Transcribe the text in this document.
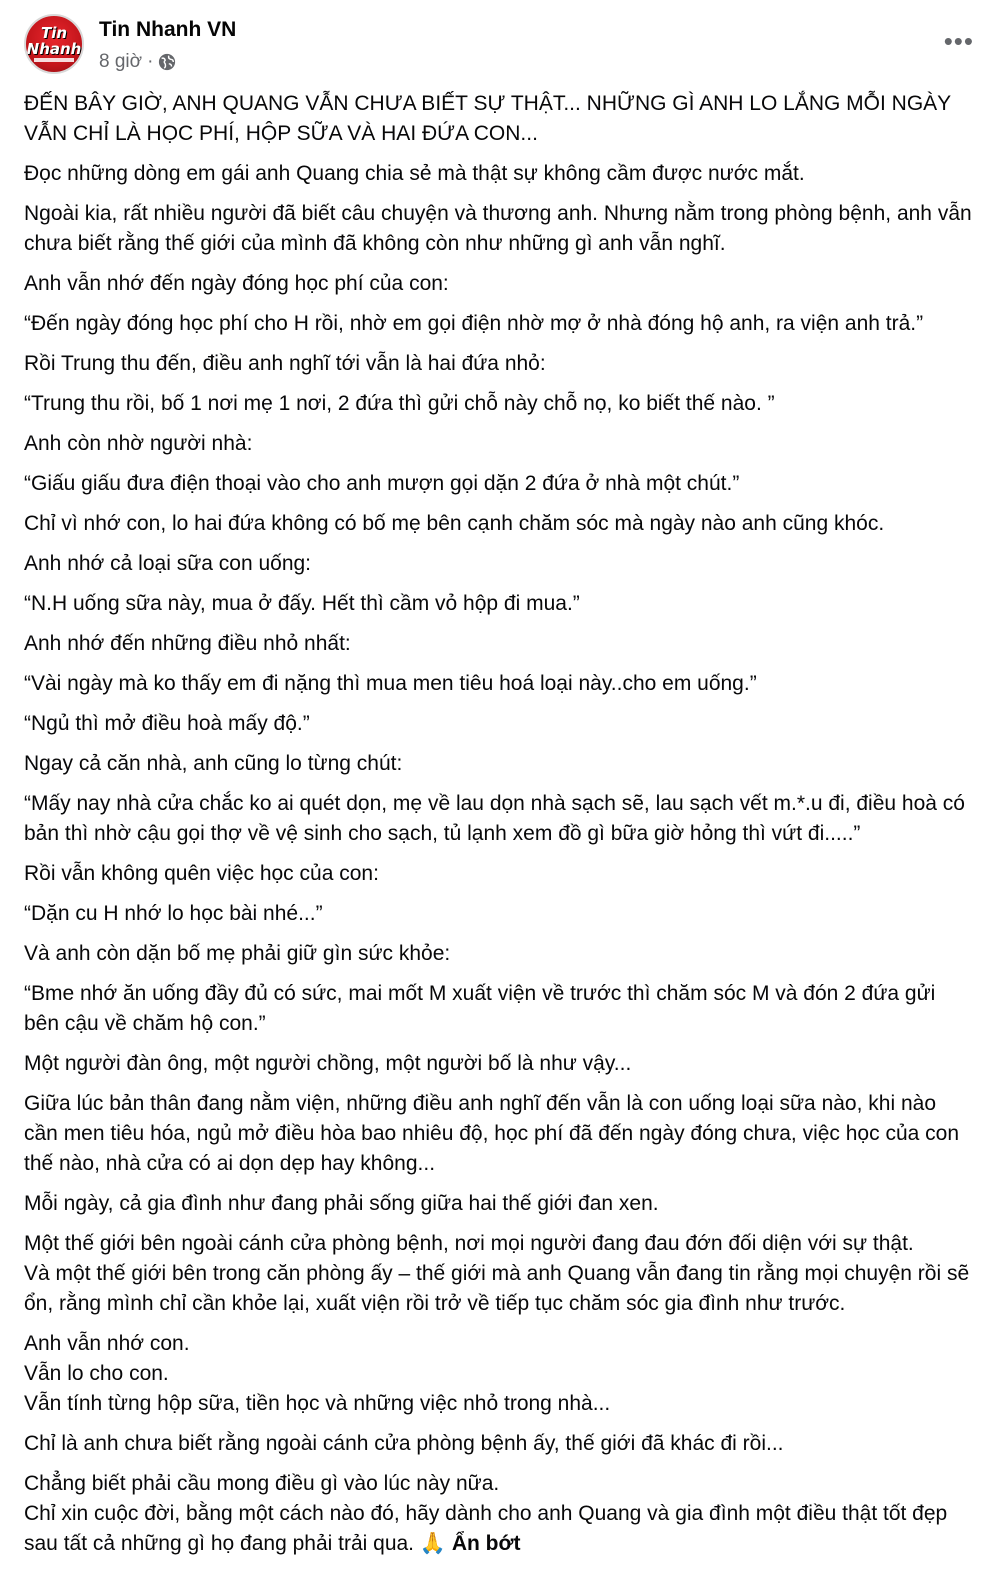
Tin
Nhanh
Tin Nhanh VN
8 giờ ·
•••

ĐẾN BÂY GIỜ, ANH QUANG VẪN CHƯA BIẾT SỰ THẬT... NHỮNG GÌ ANH LO LẮNG MỖI NGÀY VẪN CHỈ LÀ HỌC PHÍ, HỘP SỮA VÀ HAI ĐỨA CON...

Đọc những dòng em gái anh Quang chia sẻ mà thật sự không cầm được nước mắt.

Ngoài kia, rất nhiều người đã biết câu chuyện và thương anh. Nhưng nằm trong phòng bệnh, anh vẫn chưa biết rằng thế giới của mình đã không còn như những gì anh vẫn nghĩ.

Anh vẫn nhớ đến ngày đóng học phí của con:

“Đến ngày đóng học phí cho H rồi, nhờ em gọi điện nhờ mợ ở nhà đóng hộ anh, ra viện anh trả.”

Rồi Trung thu đến, điều anh nghĩ tới vẫn là hai đứa nhỏ:

“Trung thu rồi, bố 1 nơi mẹ 1 nơi, 2 đứa thì gửi chỗ này chỗ nọ, ko biết thế nào. ”

Anh còn nhờ người nhà:

“Giấu giấu đưa điện thoại vào cho anh mượn gọi dặn 2 đứa ở nhà một chút.”

Chỉ vì nhớ con, lo hai đứa không có bố mẹ bên cạnh chăm sóc mà ngày nào anh cũng khóc.

Anh nhớ cả loại sữa con uống:

“N.H uống sữa này, mua ở đấy. Hết thì cầm vỏ hộp đi mua.”

Anh nhớ đến những điều nhỏ nhất:

“Vài ngày mà ko thấy em đi nặng thì mua men tiêu hoá loại này..cho em uống.”

“Ngủ thì mở điều hoà mấy độ.”

Ngay cả căn nhà, anh cũng lo từng chút:

“Mấy nay nhà cửa chắc ko ai quét dọn, mẹ về lau dọn nhà sạch sẽ, lau sạch vết m.*.u đi, điều hoà có bản thì nhờ cậu gọi thợ về vệ sinh cho sạch, tủ lạnh xem đồ gì bữa giờ hỏng thì vứt đi.....”

Rồi vẫn không quên việc học của con:

“Dặn cu H nhớ lo học bài nhé...”

Và anh còn dặn bố mẹ phải giữ gìn sức khỏe:

“Bme nhớ ăn uống đầy đủ có sức, mai mốt M xuất viện về trước thì chăm sóc M và đón 2 đứa gửi bên cậu về chăm hộ con.”

Một người đàn ông, một người chồng, một người bố là như vậy...

Giữa lúc bản thân đang nằm viện, những điều anh nghĩ đến vẫn là con uống loại sữa nào, khi nào cần men tiêu hóa, ngủ mở điều hòa bao nhiêu độ, học phí đã đến ngày đóng chưa, việc học của con thế nào, nhà cửa có ai dọn dẹp hay không...

Mỗi ngày, cả gia đình như đang phải sống giữa hai thế giới đan xen.

Một thế giới bên ngoài cánh cửa phòng bệnh, nơi mọi người đang đau đớn đối diện với sự thật.

Và một thế giới bên trong căn phòng ấy – thế giới mà anh Quang vẫn đang tin rằng mọi chuyện rồi sẽ ổn, rằng mình chỉ cần khỏe lại, xuất viện rồi trở về tiếp tục chăm sóc gia đình như trước.

Anh vẫn nhớ con.

Vẫn lo cho con.

Vẫn tính từng hộp sữa, tiền học và những việc nhỏ trong nhà...

Chỉ là anh chưa biết rằng ngoài cánh cửa phòng bệnh ấy, thế giới đã khác đi rồi...

Chẳng biết phải cầu mong điều gì vào lúc này nữa.

Chỉ xin cuộc đời, bằng một cách nào đó, hãy dành cho anh Quang và gia đình một điều thật tốt đẹp sau tất cả những gì họ đang phải trải qua. 🙏 Ẩn bớt
